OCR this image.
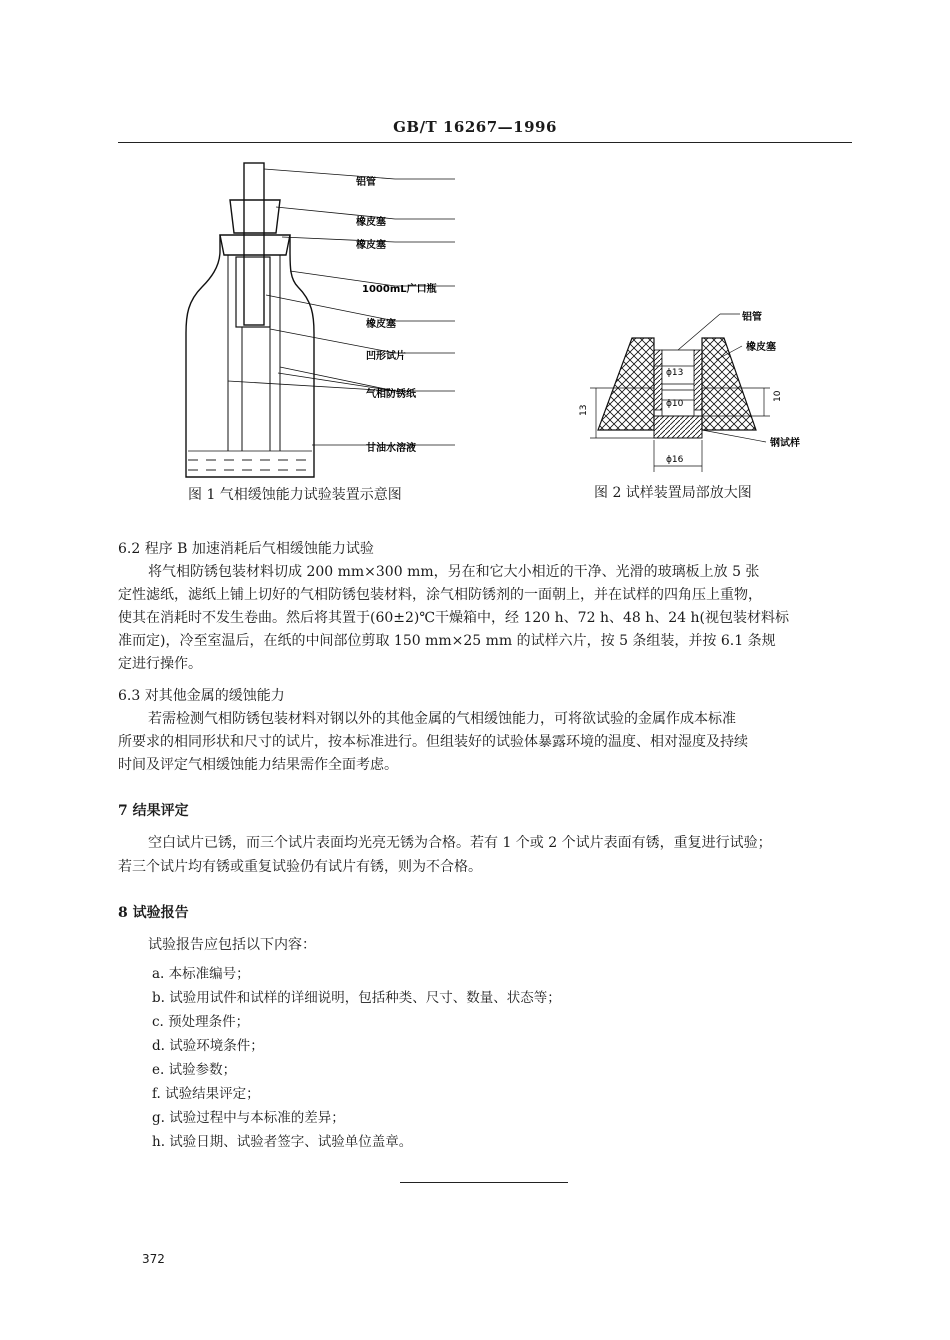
GB/T 16267—1996
铝管
橡皮塞
橡皮塞
1000mL广口瓶
橡皮塞
凹形试片
气相防锈纸
甘油水溶液
图 1 气相缓蚀能力试验装置示意图
铝管
橡皮塞
钢试样
ϕ13
ϕ10
ϕ16
13
10
图 2 试样装置局部放大图
6.2 程序 B 加速消耗后气相缓蚀能力试验
将气相防锈包装材料切成 200 mm×300 mm，另在和它大小相近的干净、光滑的玻璃板上放 5 张
定性滤纸，滤纸上铺上切好的气相防锈包装材料，涂气相防锈剂的一面朝上，并在试样的四角压上重物，
使其在消耗时不发生卷曲。然后将其置于(60±2)℃干燥箱中，经 120 h、72 h、48 h、24 h(视包装材料标
准而定)，冷至室温后，在纸的中间部位剪取 150 mm×25 mm 的试样六片，按 5 条组装，并按 6.1 条规
定进行操作。
6.3 对其他金属的缓蚀能力
若需检测气相防锈包装材料对钢以外的其他金属的气相缓蚀能力，可将欲试验的金属作成本标准
所要求的相同形状和尺寸的试片，按本标准进行。但组装好的试验体暴露环境的温度、相对湿度及持续
时间及评定气相缓蚀能力结果需作全面考虑。
7 结果评定
空白试片已锈，而三个试片表面均光亮无锈为合格。若有 1 个或 2 个试片表面有锈，重复进行试验；
若三个试片均有锈或重复试验仍有试片有锈，则为不合格。
8 试验报告
试验报告应包括以下内容：
a. 本标准编号；
b. 试验用试件和试样的详细说明，包括种类、尺寸、数量、状态等；
c. 预处理条件；
d. 试验环境条件；
e. 试验参数；
f. 试验结果评定；
g. 试验过程中与本标准的差异；
h. 试验日期、试验者签字、试验单位盖章。
372
